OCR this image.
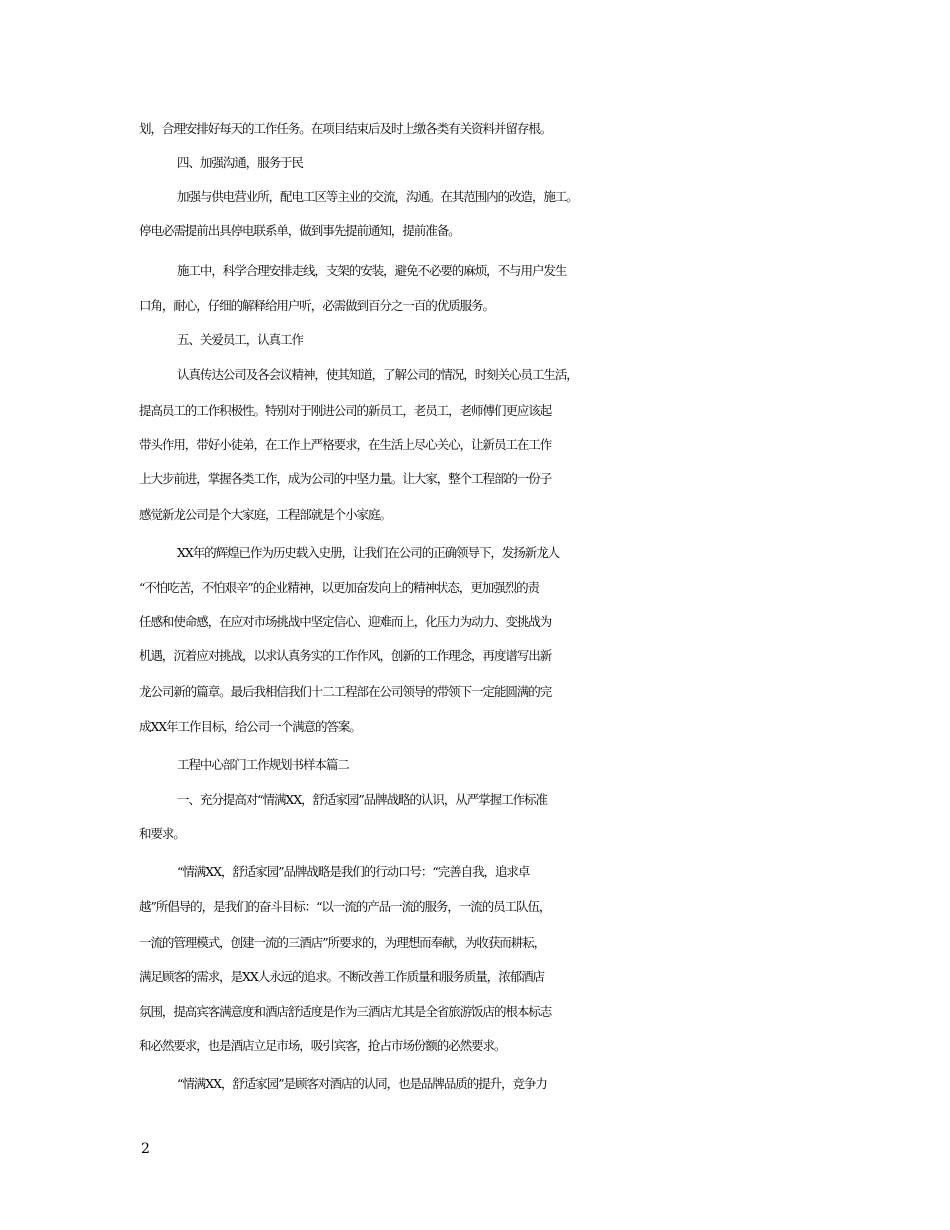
划，合理安排好每天的工作任务。在项目结束后及时上缴各类有关资料并留存根。
四、加强沟通，服务于民
加强与供电营业所，配电工区等主业的交流，沟通。在其范围内的改造，施工。
停电必需提前出具停电联系单，做到事先提前通知，提前准备。
施工中，科学合理安排走线，支架的安装，避免不必要的麻烦，不与用户发生
口角，耐心，仔细的解释给用户听，必需做到百分之一百的优质服务。
五、关爱员工，认真工作
认真传达公司及各会议精神，使其知道，了解公司的情况，时刻关心员工生活，
提高员工的工作积极性。特别对于刚进公司的新员工，老员工，老师傅们更应该起
带头作用，带好小徒弟，在工作上严格要求，在生活上尽心关心，让新员工在工作
上大步前进，掌握各类工作，成为公司的中坚力量。让大家，整个工程部的一份子
感觉新龙公司是个大家庭，工程部就是个小家庭。
XX年的辉煌已作为历史载入史册，让我们在公司的正确领导下，发扬新龙人
“不怕吃苦，不怕艰辛”的企业精神，以更加奋发向上的精神状态，更加强烈的责
任感和使命感，在应对市场挑战中坚定信心、迎难而上，化压力为动力、变挑战为
机遇，沉着应对挑战，以求认真务实的工作作风，创新的工作理念，再度谱写出新
龙公司新的篇章。最后我相信我们十二工程部在公司领导的带领下一定能圆满的完
成XX年工作目标，给公司一个满意的答案。
工程中心部门工作规划书样本篇二
一、充分提高对“情满XX，舒适家园”品牌战略的认识，从严掌握工作标准
和要求。
“情满XX，舒适家园”品牌战略是我们的行动口号：“完善自我，追求卓
越”所倡导的，是我们的奋斗目标：“以一流的产品一流的服务，一流的员工队伍，
一流的管理模式，创建一流的三酒店”所要求的，为理想而奉献，为收获而耕耘，
满足顾客的需求，是XX人永远的追求。不断改善工作质量和服务质量，浓郁酒店
氛围，提高宾客满意度和酒店舒适度是作为三酒店尤其是全省旅游饭店的根本标志
和必然要求，也是酒店立足市场，吸引宾客，抢占市场份额的必然要求。
“情满XX，舒适家园”是顾客对酒店的认同，也是品牌品质的提升，竞争力
2
